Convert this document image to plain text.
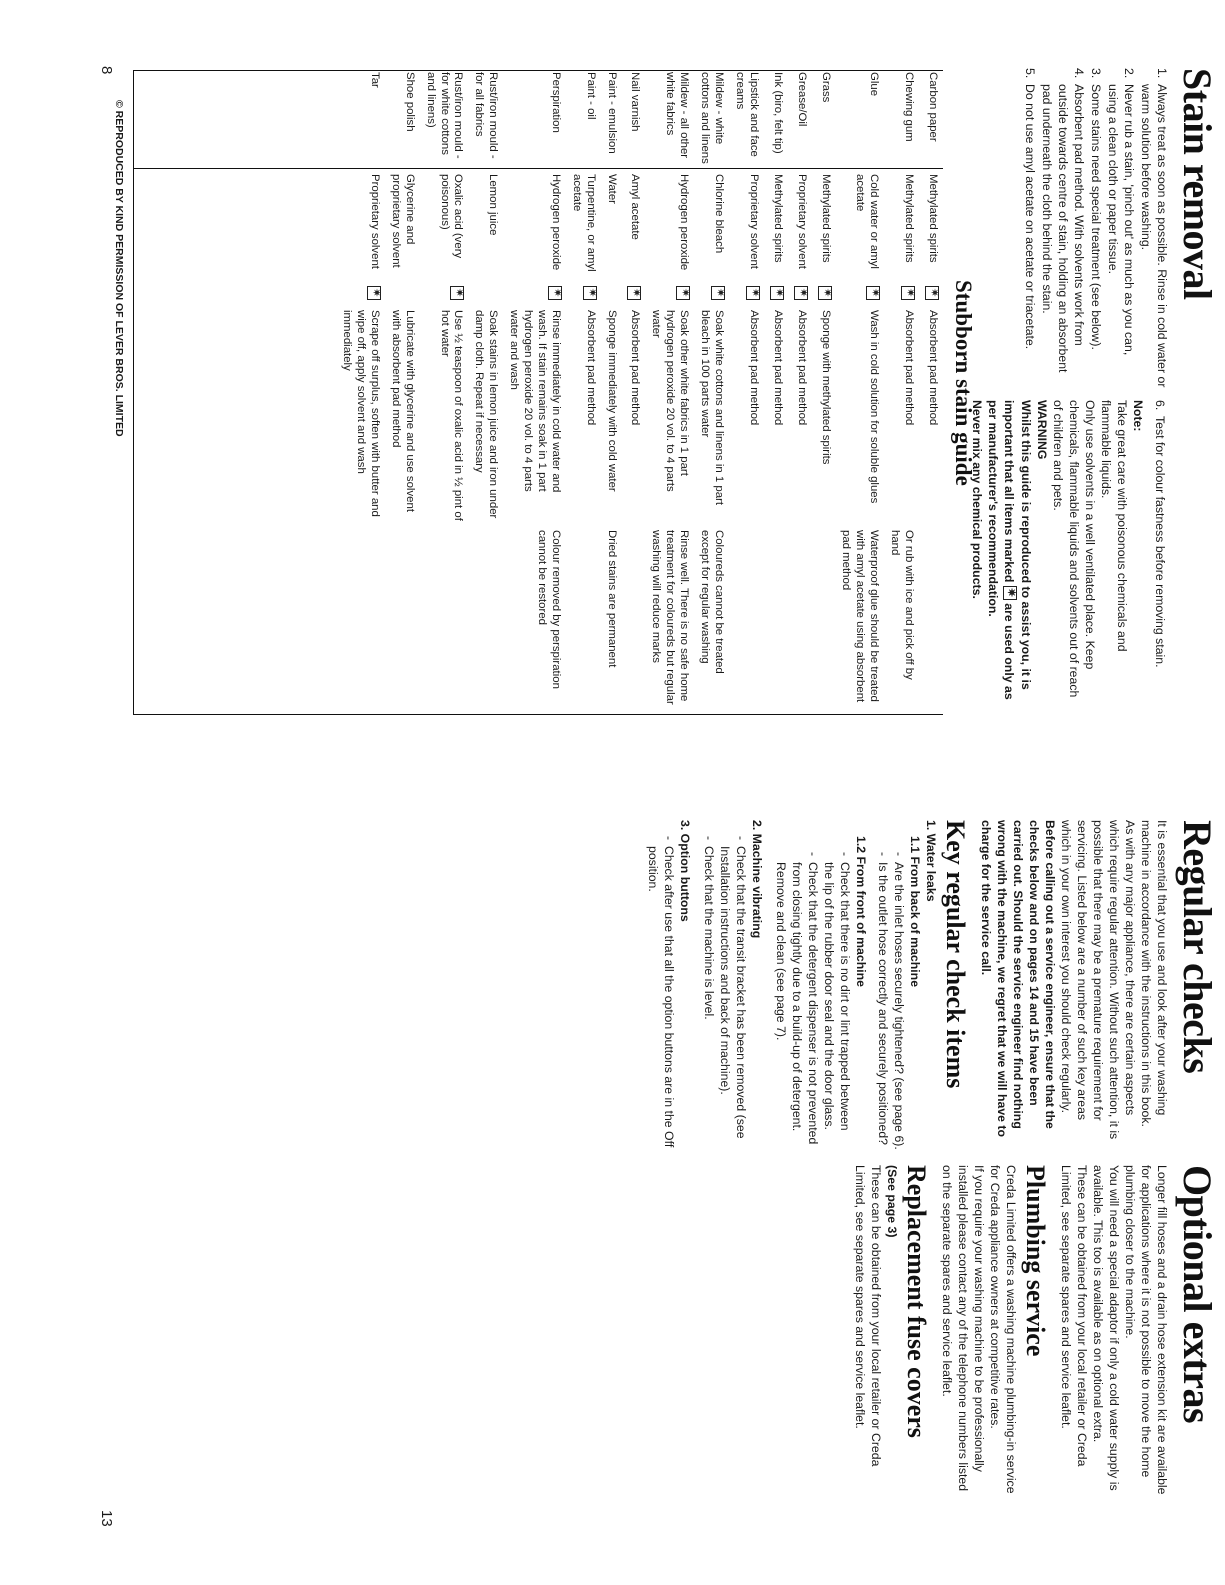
8	Stain removal
1.
Always treat as soon as possible. Rinse in cold water or warm solution before washing.
2.
Never rub a stain, 'pinch out' as much as you can, using a clean cloth or paper tissue.
3.
Some stains need special treatment (see below).
4.
Absorbent pad method. With solvents work from outside towards centre of stain, holding an absorbent pad underneath the cloth behind the stain.
5.
Do not use amyl acetate on acetate or triacetate.
6.
Test for colour fastness before removing stain.
Note:
Take great care with poisonous chemicals and flammable liquids.
Only use solvents in a well ventilated place. Keep chemicals, flammable liquids and solvents out of reach of children and pets.
WARNING
Whilst this guide is reproduced to assist you, it is important that all items marked ✷ are used only as per manufacturer's recommendation.
Never mix any chemical products.
Stubborn stain guide
Carbon paper
Methylated spirits
✷
Absorbent pad method
Chewing gum
Methylated spirits
✷
Absorbent pad method
Or rub with ice and pick off by hand
Glue
Cold water or amyl acetate
✷
Wash in cold solution for soluble glues
Waterproof glue should be treated with amyl acetate using absorbent pad method
Grass
Methylated spirits
✷
Sponge with methylated spirits
Grease/Oil
Proprietary solvent
✷
Absorbent pad method
Ink (biro, felt tip)
Methylated spirits
✷
Absorbent pad method
Lipstick and face creams
Proprietary solvent
✷
Absorbent pad method
Mildew - white cottons and linens
Chlorine bleach
✷
Soak white cottons and linens in 1 part bleach in 100 parts water
Coloureds cannot be treated except for regular washing
Mildew - all other white fabrics
Hydrogen peroxide
✷
Soak other white fabrics in 1 part hydrogen peroxide 20 vol. to 4 parts water
Rinse well. There is no safe home treatment for coloureds but regular washing will reduce marks
Nail varnish
Amyl acetate
✷
Absorbent pad method
Paint - emulsion
Water
Sponge immediately with cold water
Dried stains are permanent
Paint - oil
Turpentine, or amyl acetate
✷
Absorbent pad method
Perspiration
Hydrogen peroxide
✷
Rinse immediately in cold water and wash. If stain remains soak in 1 part hydrogen peroxide 20 vol. to 4 parts water and wash
Colour removed by perspiration cannot be restored
Rust/iron mould - for all fabrics
Lemon juice
Soak stains in lemon juice and iron under damp cloth. Repeat if necessary
Rust/iron mould - for white cottons and linens)
Oxalic acid (very poisonous)
✷
Use ½ teaspoon of oxalic acid in ½ pint of hot water
Shoe polish
Glycerine and proprietary solvent
Lubricate with glycerine and use solvent with absorbent pad method
Tar
Proprietary solvent
✷
Scrape off surplus, soften with butter and wipe off, apply solvent and wash immediately
© REPRODUCED BY KIND PERMISSION OF LEVER BROS. LIMITED
13
Regular checks

It is essential that you use and look after your washing machine in accordance with the instructions in this book.

As with any major appliance, there are certain aspects which require regular attention. Without such attention, it is possible that there may be a premature requirement for servicing. Listed below are a number of such key areas which in your own interest you should check regularly.

Before calling out a service engineer, ensure that the checks below and on pages 14 and 15 have been carried out. Should the service engineer find nothing wrong with the machine, we regret that we will have to charge for the service call.

Key regular check items
1. Water leaks
1.1 From back of machine
-
Are the inlet hoses securely tightened? (see page 6).
-
Is the outlet hose correctly and securely positioned?
1.2 From front of machine
-
Check that there is no dirt or lint trapped between the lip of the rubber door seal and the door glass.
-
Check that the detergent dispenser is not prevented from closing tightly due to a build-up of detergent. Remove and clean (see page 7).
2. Machine vibrating
-
Check that the transit bracket has been removed (see Installation instructions and back of machine).
-
Check that the machine is level.
3. Option buttons
-
Check after use that all the option buttons are in the Off position.
Optional extras

Longer fill hoses and a drain hose extension kit are available for applications where it is not possible to move the home plumbing closer to the machine.

You will need a special adaptor if only a cold water supply is available. This too is available as on optional extra.

These can be obtained from your local retailer or Creda Limited, see separate spares and service leaflet.

Plumbing service

Creda Limited offers a washing machine plumbing-in service for Creda appliance owners at competitive rates.

If you require your washing machine to be professionally installed please contact any of the telephone numbers listed on the separate spares and service leaflet.

Replacement fuse covers
(See page 3)

These can be obtained from your local retailer or Creda Limited, see separate spares and service leaflet.
